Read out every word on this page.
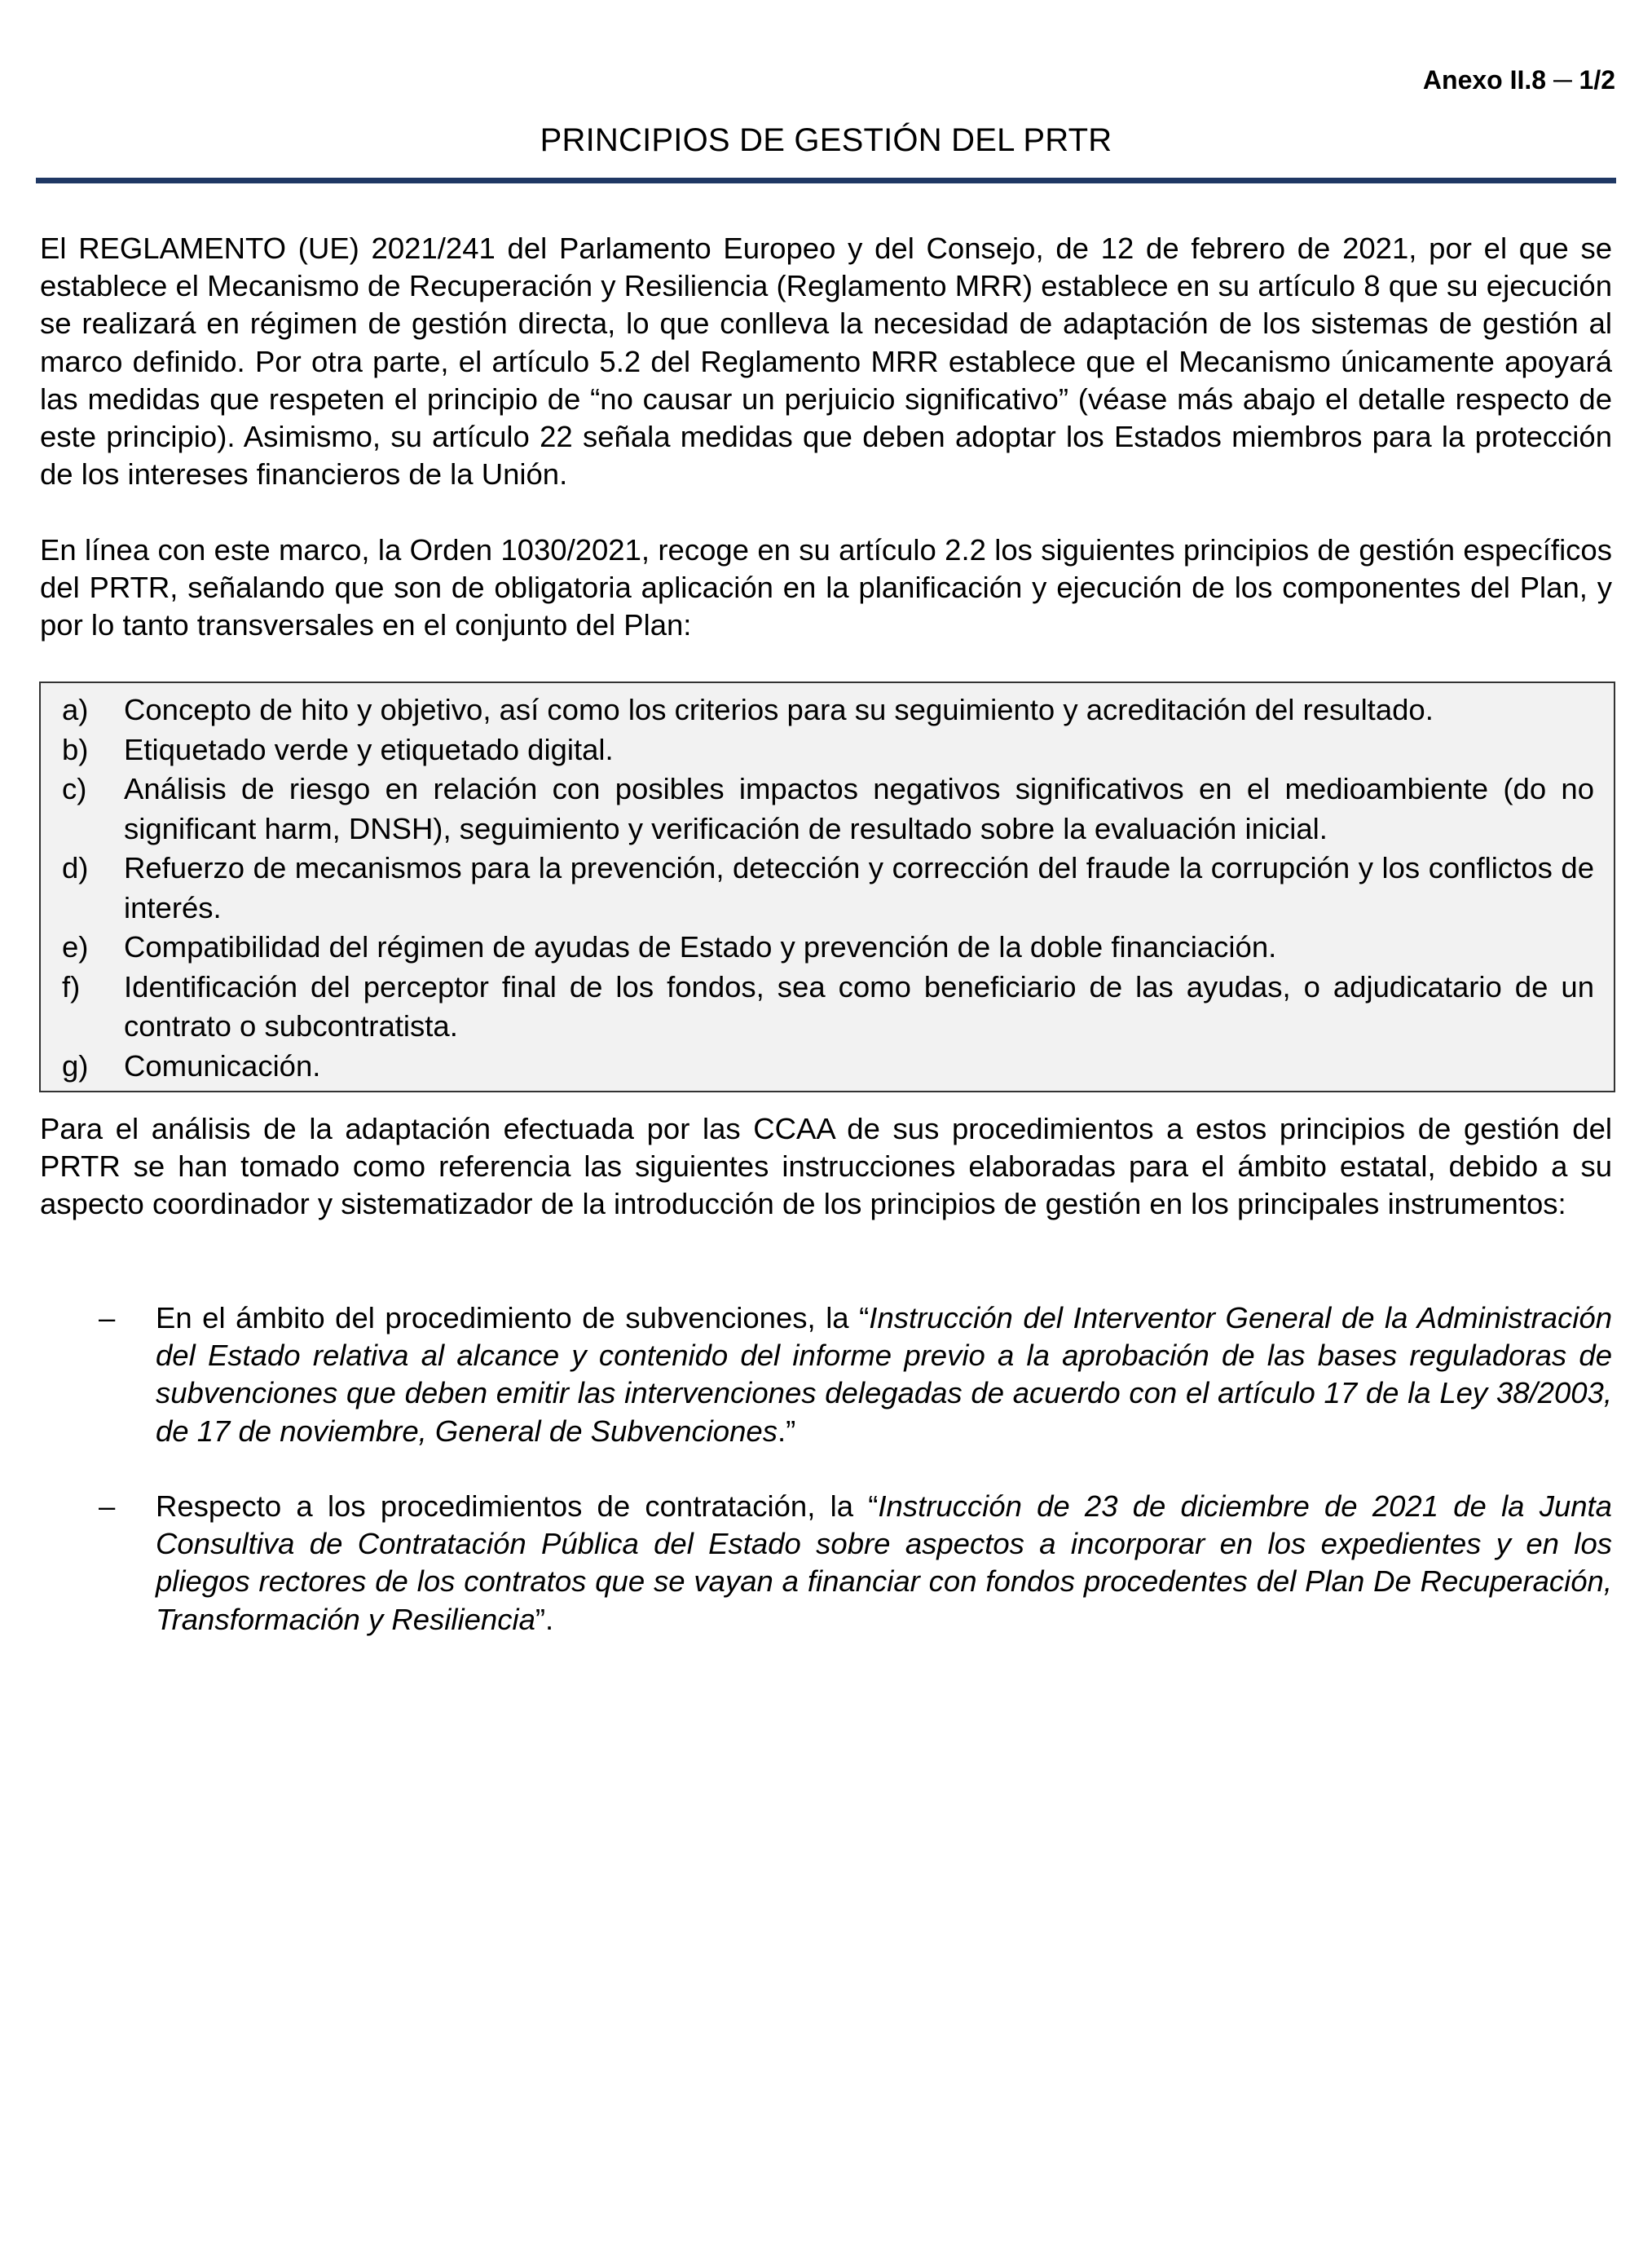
Anexo II.8 ─ 1/2
PRINCIPIOS DE GESTIÓN DEL PRTR
El REGLAMENTO (UE) 2021/241 del Parlamento Europeo y del Consejo, de 12 de febrero de 2021, por el que se establece el Mecanismo de Recuperación y Resiliencia (Reglamento MRR) establece en su artículo 8 que su ejecución se realizará en régimen de gestión directa, lo que conlleva la necesidad de adaptación de los sistemas de gestión al marco definido. Por otra parte, el artículo 5.2 del Reglamento MRR establece que el Mecanismo únicamente apoyará las medidas que respeten el principio de “no causar un perjuicio significativo” (véase más abajo el detalle respecto de este principio). Asimismo, su artículo 22 señala medidas que deben adoptar los Estados miembros para la protección de los intereses financieros de la Unión.
En línea con este marco, la Orden 1030/2021, recoge en su artículo 2.2 los siguientes principios de gestión específicos del PRTR, señalando que son de obligatoria aplicación en la planificación y ejecución de los componentes del Plan, y por lo tanto transversales en el conjunto del Plan:
a)	Concepto de hito y objetivo, así como los criterios para su seguimiento y acreditación del resultado.
b)	Etiquetado verde y etiquetado digital.
c)	Análisis de riesgo en relación con posibles impactos negativos significativos en el medioambiente (do no significant harm, DNSH), seguimiento y verificación de resultado sobre la evaluación inicial.
d)	Refuerzo de mecanismos para la prevención, detección y corrección del fraude la corrupción y los conflictos de interés.
e)	Compatibilidad del régimen de ayudas de Estado y prevención de la doble financiación.
f)	Identificación del perceptor final de los fondos, sea como beneficiario de las ayudas, o adjudicatario de un contrato o subcontratista.
g)	Comunicación.
Para el análisis de la adaptación efectuada por las CCAA de sus procedimientos a estos principios de gestión del PRTR se han tomado como referencia las siguientes instrucciones elaboradas para el ámbito estatal, debido a su aspecto coordinador y sistematizador de la introducción de los principios de gestión en los principales instrumentos:
–	En el ámbito del procedimiento de subvenciones, la “Instrucción del Interventor General de la Administración del Estado relativa al alcance y contenido del informe previo a la aprobación de las bases reguladoras de subvenciones que deben emitir las intervenciones delegadas de acuerdo con el artículo 17 de la Ley 38/2003, de 17 de noviembre, General de Subvenciones.”
–	Respecto a los procedimientos de contratación, la “Instrucción de 23 de diciembre de 2021 de la Junta Consultiva de Contratación Pública del Estado sobre aspectos a incorporar en los expedientes y en los pliegos rectores de los contratos que se vayan a financiar con fondos procedentes del Plan De Recuperación, Transformación y Resiliencia”.
